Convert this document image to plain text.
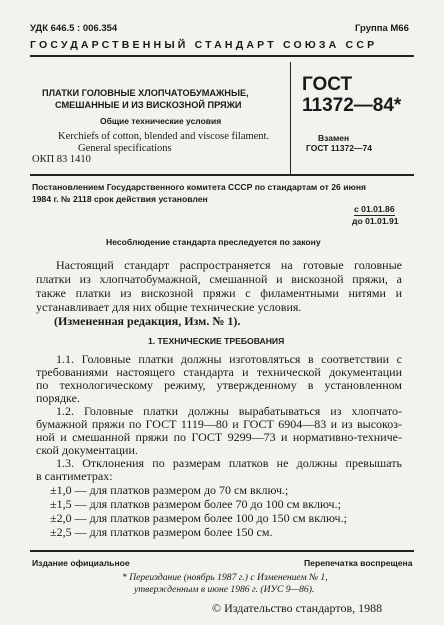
УДК 646.5 : 006.354	Группа М66
ГОСУДАРСТВЕННЫЙ СТАНДАРТ СОЮЗА ССР
ПЛАТКИ ГОЛОВНЫЕ ХЛОПЧАТОБУМАЖНЫЕ,
СМЕШАННЫЕ И ИЗ ВИСКОЗНОЙ ПРЯЖИ
Общие технические условия
Kerchiefs of cotton, blended and viscose filament.
General specifications
ОКП 83 1410
ГОСТ
11372—84*
Взамен
ГОСТ 11372—74
Постановлением Государственного комитета СССР по стандартам от 26 июня
1984 г. № 2118 срок действия установлен
с 01.01.86
до 01.01.91
Несоблюдение стандарта преследуется по закону
Настоящий стандарт распространяется на готовые головные
платки из хлопчатобумажной, смешанной и вискозной пряжи, а
также платки из вискозной пряжи с филаментными нитями и
устанавливает для них общие технические условия.
(Измененная редакция, Изм. № 1).
1. ТЕХНИЧЕСКИЕ ТРЕБОВАНИЯ
1.1. Головные платки должны изготовляться в соответствии с
требованиями настоящего стандарта и технической документации
по технологическому режиму, утвержденному в установленном
порядке.
1.2. Головные платки должны вырабатываться из хлопчато-
бумажной пряжи по ГОСТ 1119—80 и ГОСТ 6904—83 и из высокоз-
ной и смешанной пряжи по ГОСТ 9299—73 и нормативно-техниче-
ской документации.
1.3. Отклонения по размерам платков не должны превышать
в сантиметрах:
±1,0 — для платков размером до 70 см включ.;
±1,5 — для платков размером более 70 до 100 см включ.;
±2,0 — для платков размером более 100 до 150 см включ.;
±2,5 — для платков размером более 150 см.
Издание официальное	Перепечатка воспрещена
* Переиздание (ноябрь 1987 г.) с Изменением № 1,
утвержденным в июне 1986 г. (ИУС 9—86).
© Издательство стандартов, 1988
